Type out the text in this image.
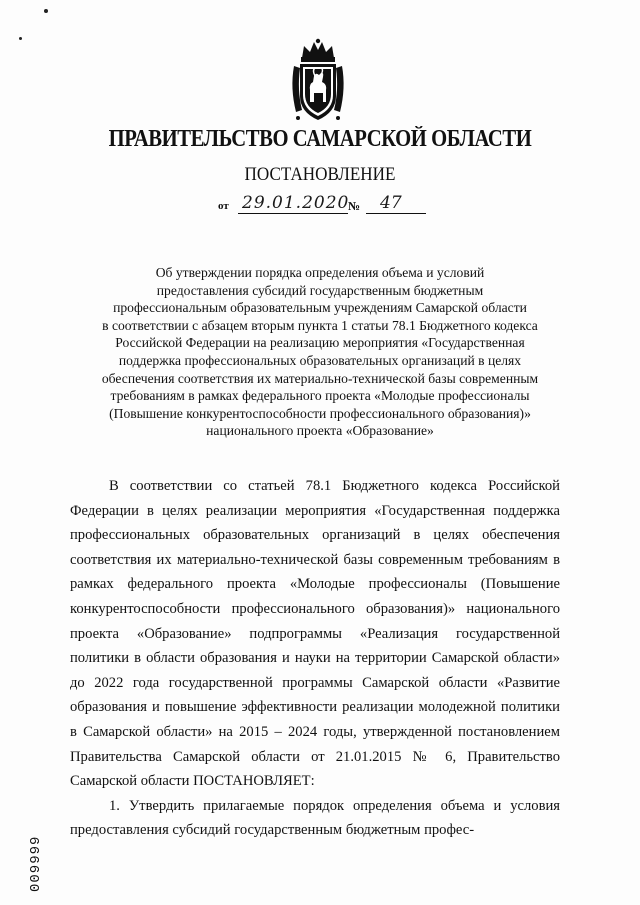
ПРАВИТЕЛЬСТВО САМАРСКОЙ ОБЛАСТИ
ПОСТАНОВЛЕНИЕ
от 29.01.2020
№ 47
Об утверждении порядка определения объема и условий
предоставления субсидий государственным бюджетным
профессиональным образовательным учреждениям Самарской области
в соответствии с абзацем вторым пункта 1 статьи 78.1 Бюджетного кодекса
Российской Федерации на реализацию мероприятия «Государственная
поддержка профессиональных образовательных организаций в целях
обеспечения соответствия их материально-технической базы современным
требованиям в рамках федерального проекта «Молодые профессионалы
(Повышение конкурентоспособности профессионального образования)»
национального проекта «Образование»

В соответствии со статьей 78.1 Бюджетного кодекса Российской Федерации в целях реализации мероприятия «Государственная поддержка профессиональных образовательных организаций в целях обеспечения соответствия их материально-технической базы современным требованиям в рамках федерального проекта «Молодые профессионалы (Повышение конкурентоспособности профессионального образования)» национального проекта «Образование» подпрограммы «Реализация государственной политики в области образования и науки на территории Самарской области» до 2022 года государственной программы Самарской области «Развитие образования и повышение эффективности реализации молодежной политики в Самарской области» на 2015 – 2024 годы, утвержденной постановлением Правительства Самарской области от 21.01.2015 № 6, Правительство Самарской области ПОСТАНОВЛЯЕТ:

1. Утвердить прилагаемые порядок определения объема и условия предоставления субсидий государственным бюджетным профес-

009999
